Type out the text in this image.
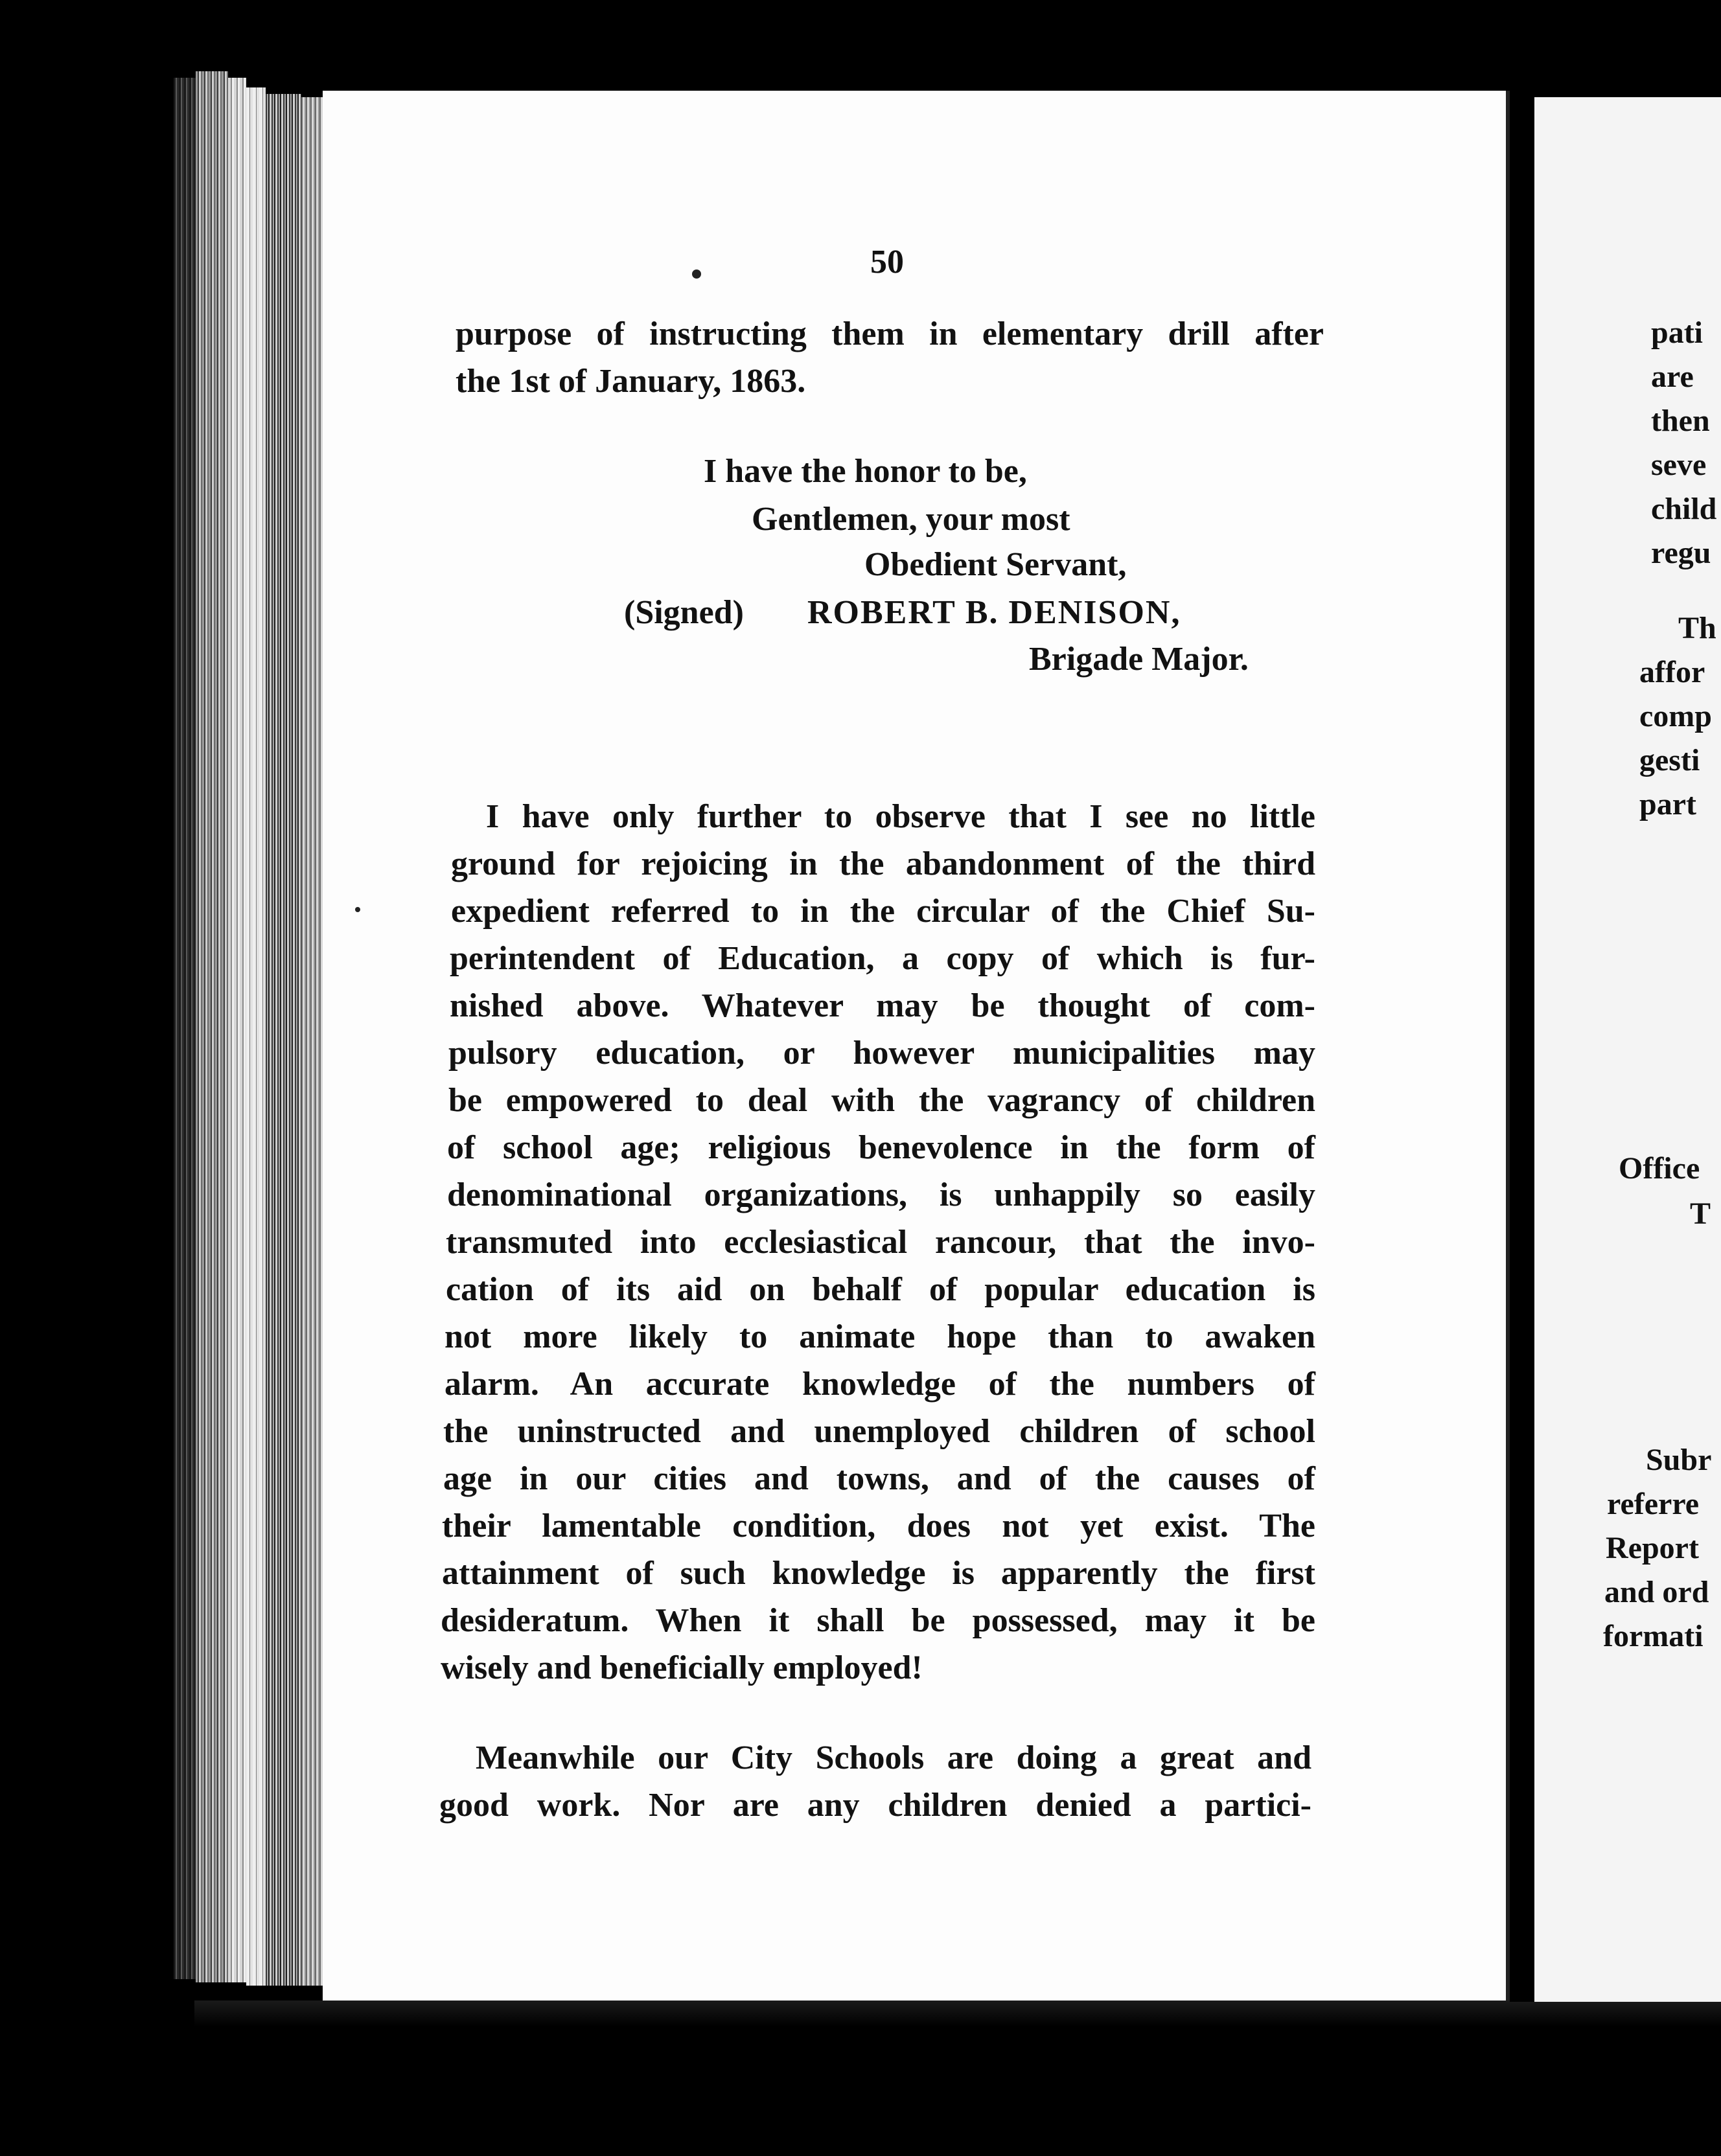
50
purpose of instructing them in elementary drill after
the 1st of January, 1863.
I have the honor to be,
Gentlemen, your most
Obedient Servant,
(Signed) ROBERT B. DENISON,
Brigade Major.
I have only further to observe that I see no little
ground for rejoicing in the abandonment of the third
expedient referred to in the circular of the Chief Su-
perintendent of Education, a copy of which is fur-
nished above. Whatever may be thought of com-
pulsory education, or however municipalities may
be empowered to deal with the vagrancy of children
of school age; religious benevolence in the form of
denominational organizations, is unhappily so easily
transmuted into ecclesiastical rancour, that the invo-
cation of its aid on behalf of popular education is
not more likely to animate hope than to awaken
alarm. An accurate knowledge of the numbers of
the uninstructed and unemployed children of school
age in our cities and towns, and of the causes of
their lamentable condition, does not yet exist. The
attainment of such knowledge is apparently the first
desideratum. When it shall be possessed, may it be
wisely and beneficially employed!
Meanwhile our City Schools are doing a great and
good work. Nor are any children denied a partici-
pati
are
then
seve
child
regu
Th
affor
comp
gesti
part
Office
T
Subr
referre
Report
and ord
formati
